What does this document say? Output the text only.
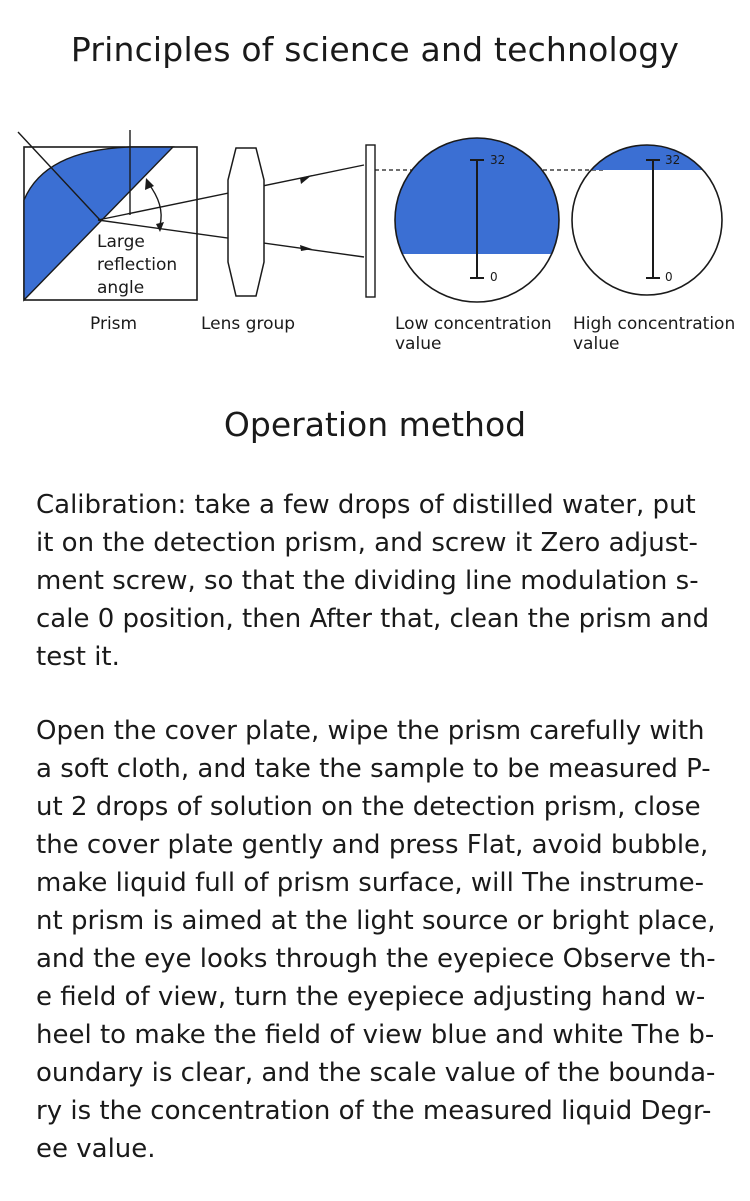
Principles of science and technology
32
0
32
0
Large
reflection
angle
Prism	Lens group	Low concentration
value
High concentration
value
Operation method

Calibration: take a few drops of distilled water, put
it on the detection prism, and screw it Zero adjust-
ment screw, so that the dividing line modulation s-
cale 0 position, then After that, clean the prism and
test it.

Open the cover plate, wipe the prism carefully with
a soft cloth, and take the sample to be measured P-
ut 2 drops of solution on the detection prism, close
the cover plate gently and press Flat, avoid bubble,
make liquid full of prism surface, will The instrume-
nt prism is aimed at the light source or bright place,
and the eye looks through the eyepiece Observe th-
e field of view, turn the eyepiece adjusting hand w-
heel to make the field of view blue and white The b-
oundary is clear, and the scale value of the bounda-
ry is the concentration of the measured liquid Degr-
ee value.
